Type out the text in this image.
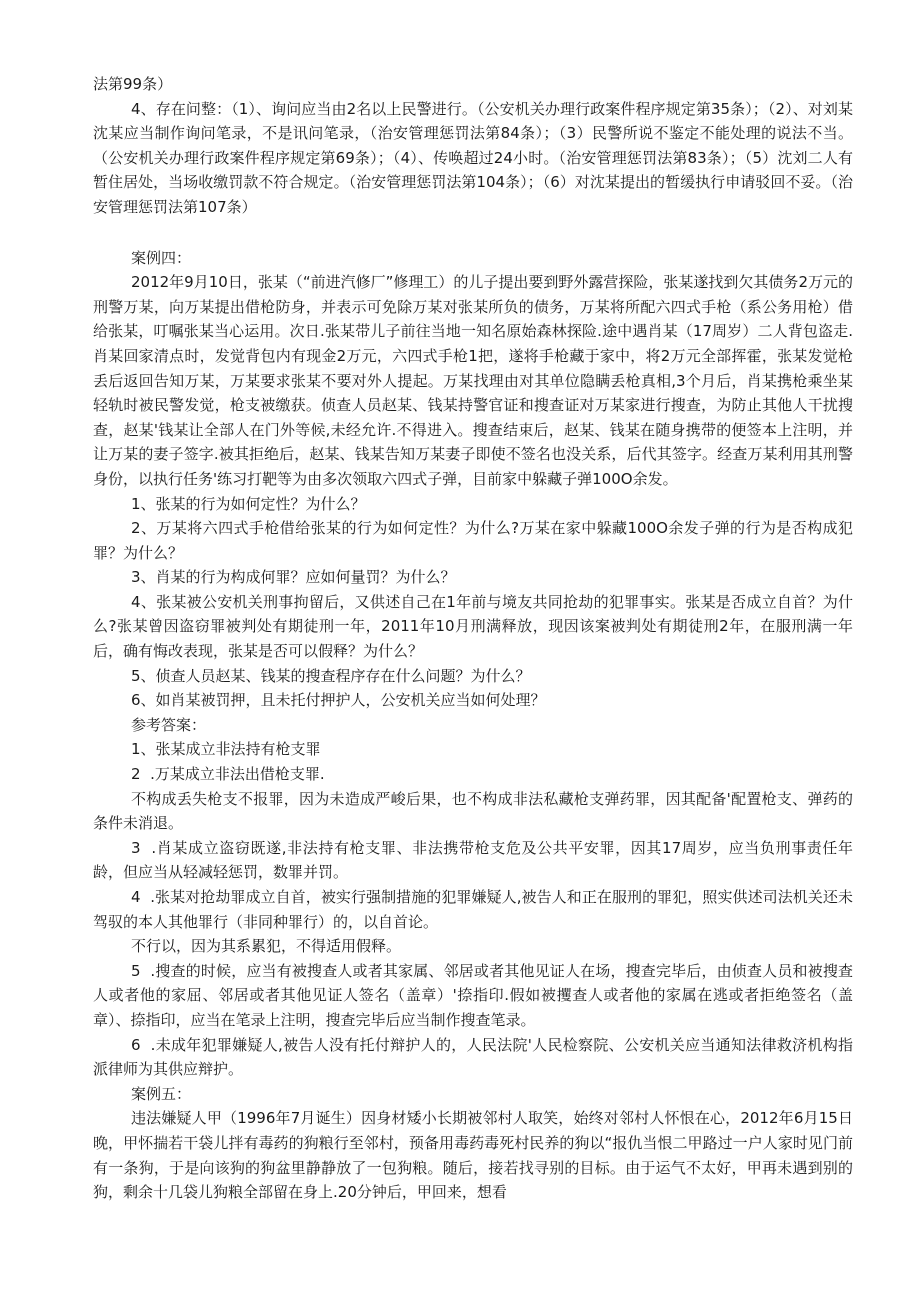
法第99条）

4、存在问整：（1）、询问应当由2名以上民警进行。（公安机关办理行政案件程序规定第35条）；（2）、对刘某沈某应当制作询问笔录，不是讯问笔录，（治安管理惩罚法第84条）；（3）民警所说不鉴定不能处理的说法不当。（公安机关办理行政案件程序规定第69条）；（4）、传唤超过24小时。（治安管理惩罚法第83条）；（5）沈刘二人有暂住居处，当场收缴罚款不符合规定。（治安管理惩罚法第104条）；（6）对沈某提出的暂缓执行申请驳回不妥。（治安管理惩罚法第107条）

案例四：

2012年9月10日，张某（“前进汽修厂”修理工）的儿子提出要到野外露营探险，张某遂找到欠其债务2万元的刑警万某，向万某提出借枪防身，并表示可免除万某对张某所负的债务，万某将所配六四式手枪（系公务用枪）借给张某，叮嘱张某当心运用。次日.张某带儿子前往当地一知名原始森林探险.途中遇肖某（17周岁）二人背包盗走.肖某回家清点时，发觉背包内有现金2万元，六四式手枪1把，遂将手枪藏于家中，将2万元全部挥霍，张某发觉枪丢后返回告知万某，万某要求张某不要对外人提起。万某找理由对其单位隐瞒丢枪真相,3个月后，肖某携枪乘坐某轻轨时被民警发觉，枪支被缴获。侦查人员赵某、钱某持警官证和搜查证对万某家进行搜查，为防止其他人干扰搜查，赵某'钱某让全部人在门外等候,未经允许.不得进入。搜查结束后，赵某、钱某在随身携带的便签本上注明，并让万某的妻子签字.被其拒绝后，赵某、钱某告知万某妻子即使不签名也没关系，后代其签字。经查万某利用其刑警身份，以执行任务'练习打靶等为由多次领取六四式子弹，目前家中躲藏子弹100O余发。

1、张某的行为如何定性？为什么？

2、万某将六四式手枪借给张某的行为如何定性？为什么?万某在家中躲藏100O余发子弹的行为是否构成犯罪？为什么？

3、肖某的行为构成何罪？应如何量罚？为什么？

4、张某被公安机关刑事拘留后，又供述自己在1年前与境友共同抢劫的犯罪事实。张某是否成立自首？为什么?张某曾因盗窃罪被判处有期徒刑一年，2011年10月刑满释放，现因该案被判处有期徒刑2年，在服刑满一年后，确有悔改表现，张某是否可以假释？为什么？

5、侦查人员赵某、钱某的搜查程序存在什么问题？为什么？

6、如肖某被罚押，且未托付押护人，公安机关应当如何处理？

参考答案：

1、张某成立非法持有枪支罪

2  .万某成立非法出借枪支罪.

不构成丢失枪支不报罪，因为未造成严峻后果，也不构成非法私藏枪支弹药罪，因其配备'配置枪支、弹药的条件未消退。

3  .肖某成立盗窃既遂,非法持有枪支罪、非法携带枪支危及公共平安罪，因其17周岁，应当负刑事责任年龄，但应当从轻减轻惩罚，数罪并罚。

4  .张某对抢劫罪成立自首，被实行强制措施的犯罪嫌疑人,被告人和正在服刑的罪犯，照实供述司法机关还未驾驭的本人其他罪行（非同种罪行）的，以自首论。

不行以，因为其系累犯，不得适用假释。

5  .搜查的时候，应当有被搜查人或者其家属、邻居或者其他见证人在场，搜查完毕后，由侦查人员和被搜查人或者他的家屈、邻居或者其他见证人签名（盖章）'捺指印.假如被攫查人或者他的家属在逃或者拒绝签名（盖章）、捺指印，应当在笔录上注明，搜查完毕后应当制作搜查笔录。

6  .未成年犯罪嫌疑人,被告人没有托付辩护人的，人民法院'人民检察院、公安机关应当通知法律救济机构指派律师为其供应辩护。

案例五：

违法嫌疑人甲（1996年7月诞生）因身材矮小长期被邻村人取笑，始终对邻村人怀恨在心，2012年6月15日晚，甲怀揣若干袋儿拌有毒药的狗粮行至邻村，预备用毒药毒死村民养的狗以“报仇当恨二甲路过一户人家时见门前有一条狗，于是向该狗的狗盆里静静放了一包狗粮。随后，接若找寻别的目标。由于运气不太好，甲再未遇到别的狗，剩余十几袋儿狗粮全部留在身上.20分钟后，甲回来，想看
